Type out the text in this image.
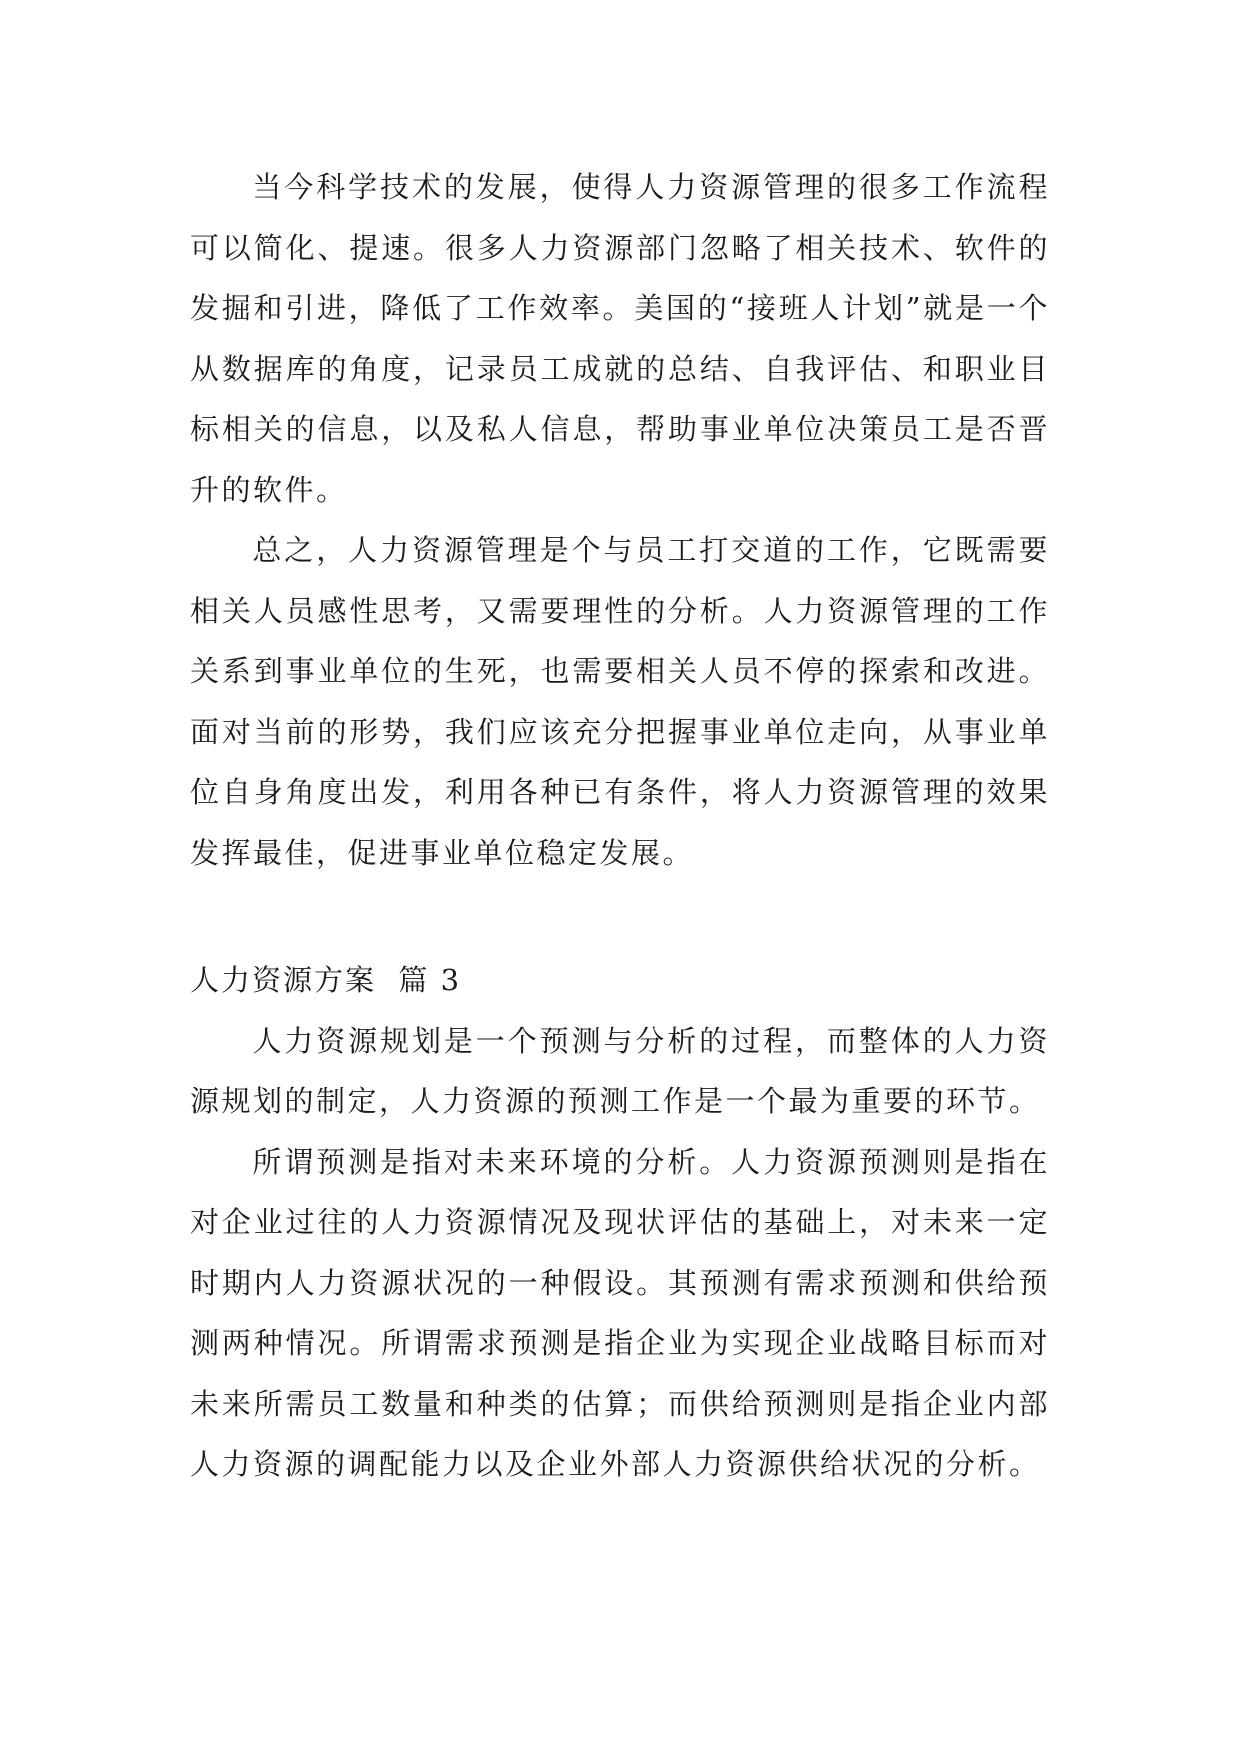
当今科学技术的发展，使得人力资源管理的很多工作流程可以简化、提速。很多人力资源部门忽略了相关技术、软件的发掘和引进，降低了工作效率。美国的“接班人计划”就是一个从数据库的角度，记录员工成就的总结、自我评估、和职业目标相关的信息，以及私人信息，帮助事业单位决策员工是否晋升的软件。

总之，人力资源管理是个与员工打交道的工作，它既需要相关人员感性思考，又需要理性的分析。人力资源管理的工作关系到事业单位的生死，也需要相关人员不停的探索和改进。面对当前的形势，我们应该充分把握事业单位走向，从事业单位自身角度出发，利用各种已有条件，将人力资源管理的效果发挥最佳，促进事业单位稳定发展。

人力资源方案  篇 3

人力资源规划是一个预测与分析的过程，而整体的人力资源规划的制定，人力资源的预测工作是一个最为重要的环节。

所谓预测是指对未来环境的分析。人力资源预测则是指在对企业过往的人力资源情况及现状评估的基础上，对未来一定时期内人力资源状况的一种假设。其预测有需求预测和供给预测两种情况。所谓需求预测是指企业为实现企业战略目标而对未来所需员工数量和种类的估算；而供给预测则是指企业内部人力资源的调配能力以及企业外部人力资源供给状况的分析。
